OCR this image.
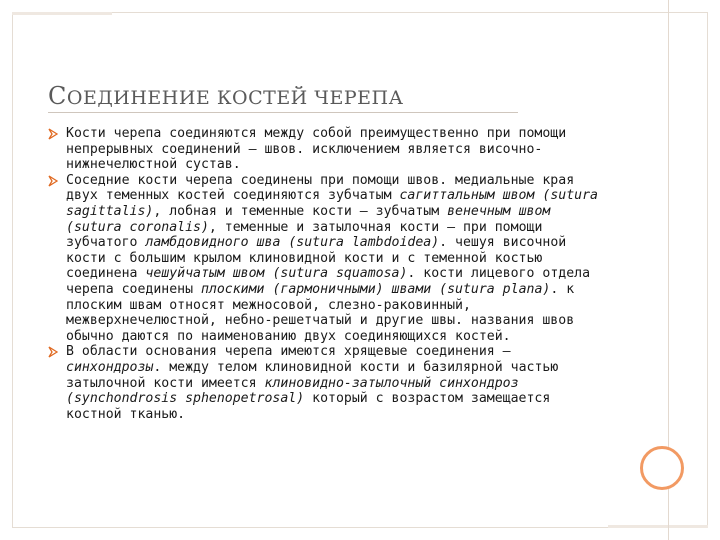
СОЕДИНЕНИЕ КОСТЕЙ ЧЕРЕПА
Кости черепа соединяются между собой преимущественно при помощи непрерывных соединений — швов. исключением является височно-нижнечелюстной сустав.
Соседние кости черепа соединены при помощи швов. медиальные края двух теменных костей соединяются зубчатым сагиттальным швом (sutura sagittalis), лобная и теменные кости — зубчатым венечным швом (sutura coronalis), теменные и затылочная кости – при помощи зубчатого ламбдовидного шва (sutura lambdoidea). чешуя височной кости с большим крылом клиновидной кости и с теменной костью соединена чешуйчатым швом (sutura squamosa). кости лицевого отдела черепа соединены плоскими (гармоничными) швами (sutura plana). к плоским швам относят межносовой, слезно-раковинный, межверхнечелюстной, небно-решетчатый и другие швы. названия швов обычно даются по наименованию двух соединяющихся костей.
В области основания черепа имеются хрящевые соединения — синхондрозы. между телом клиновидной кости и базилярной частью затылочной кости имеется клиновидно-затылочный синхондроз (synchondrosis sphenopetrosal) который с возрастом замещается костной тканью.
